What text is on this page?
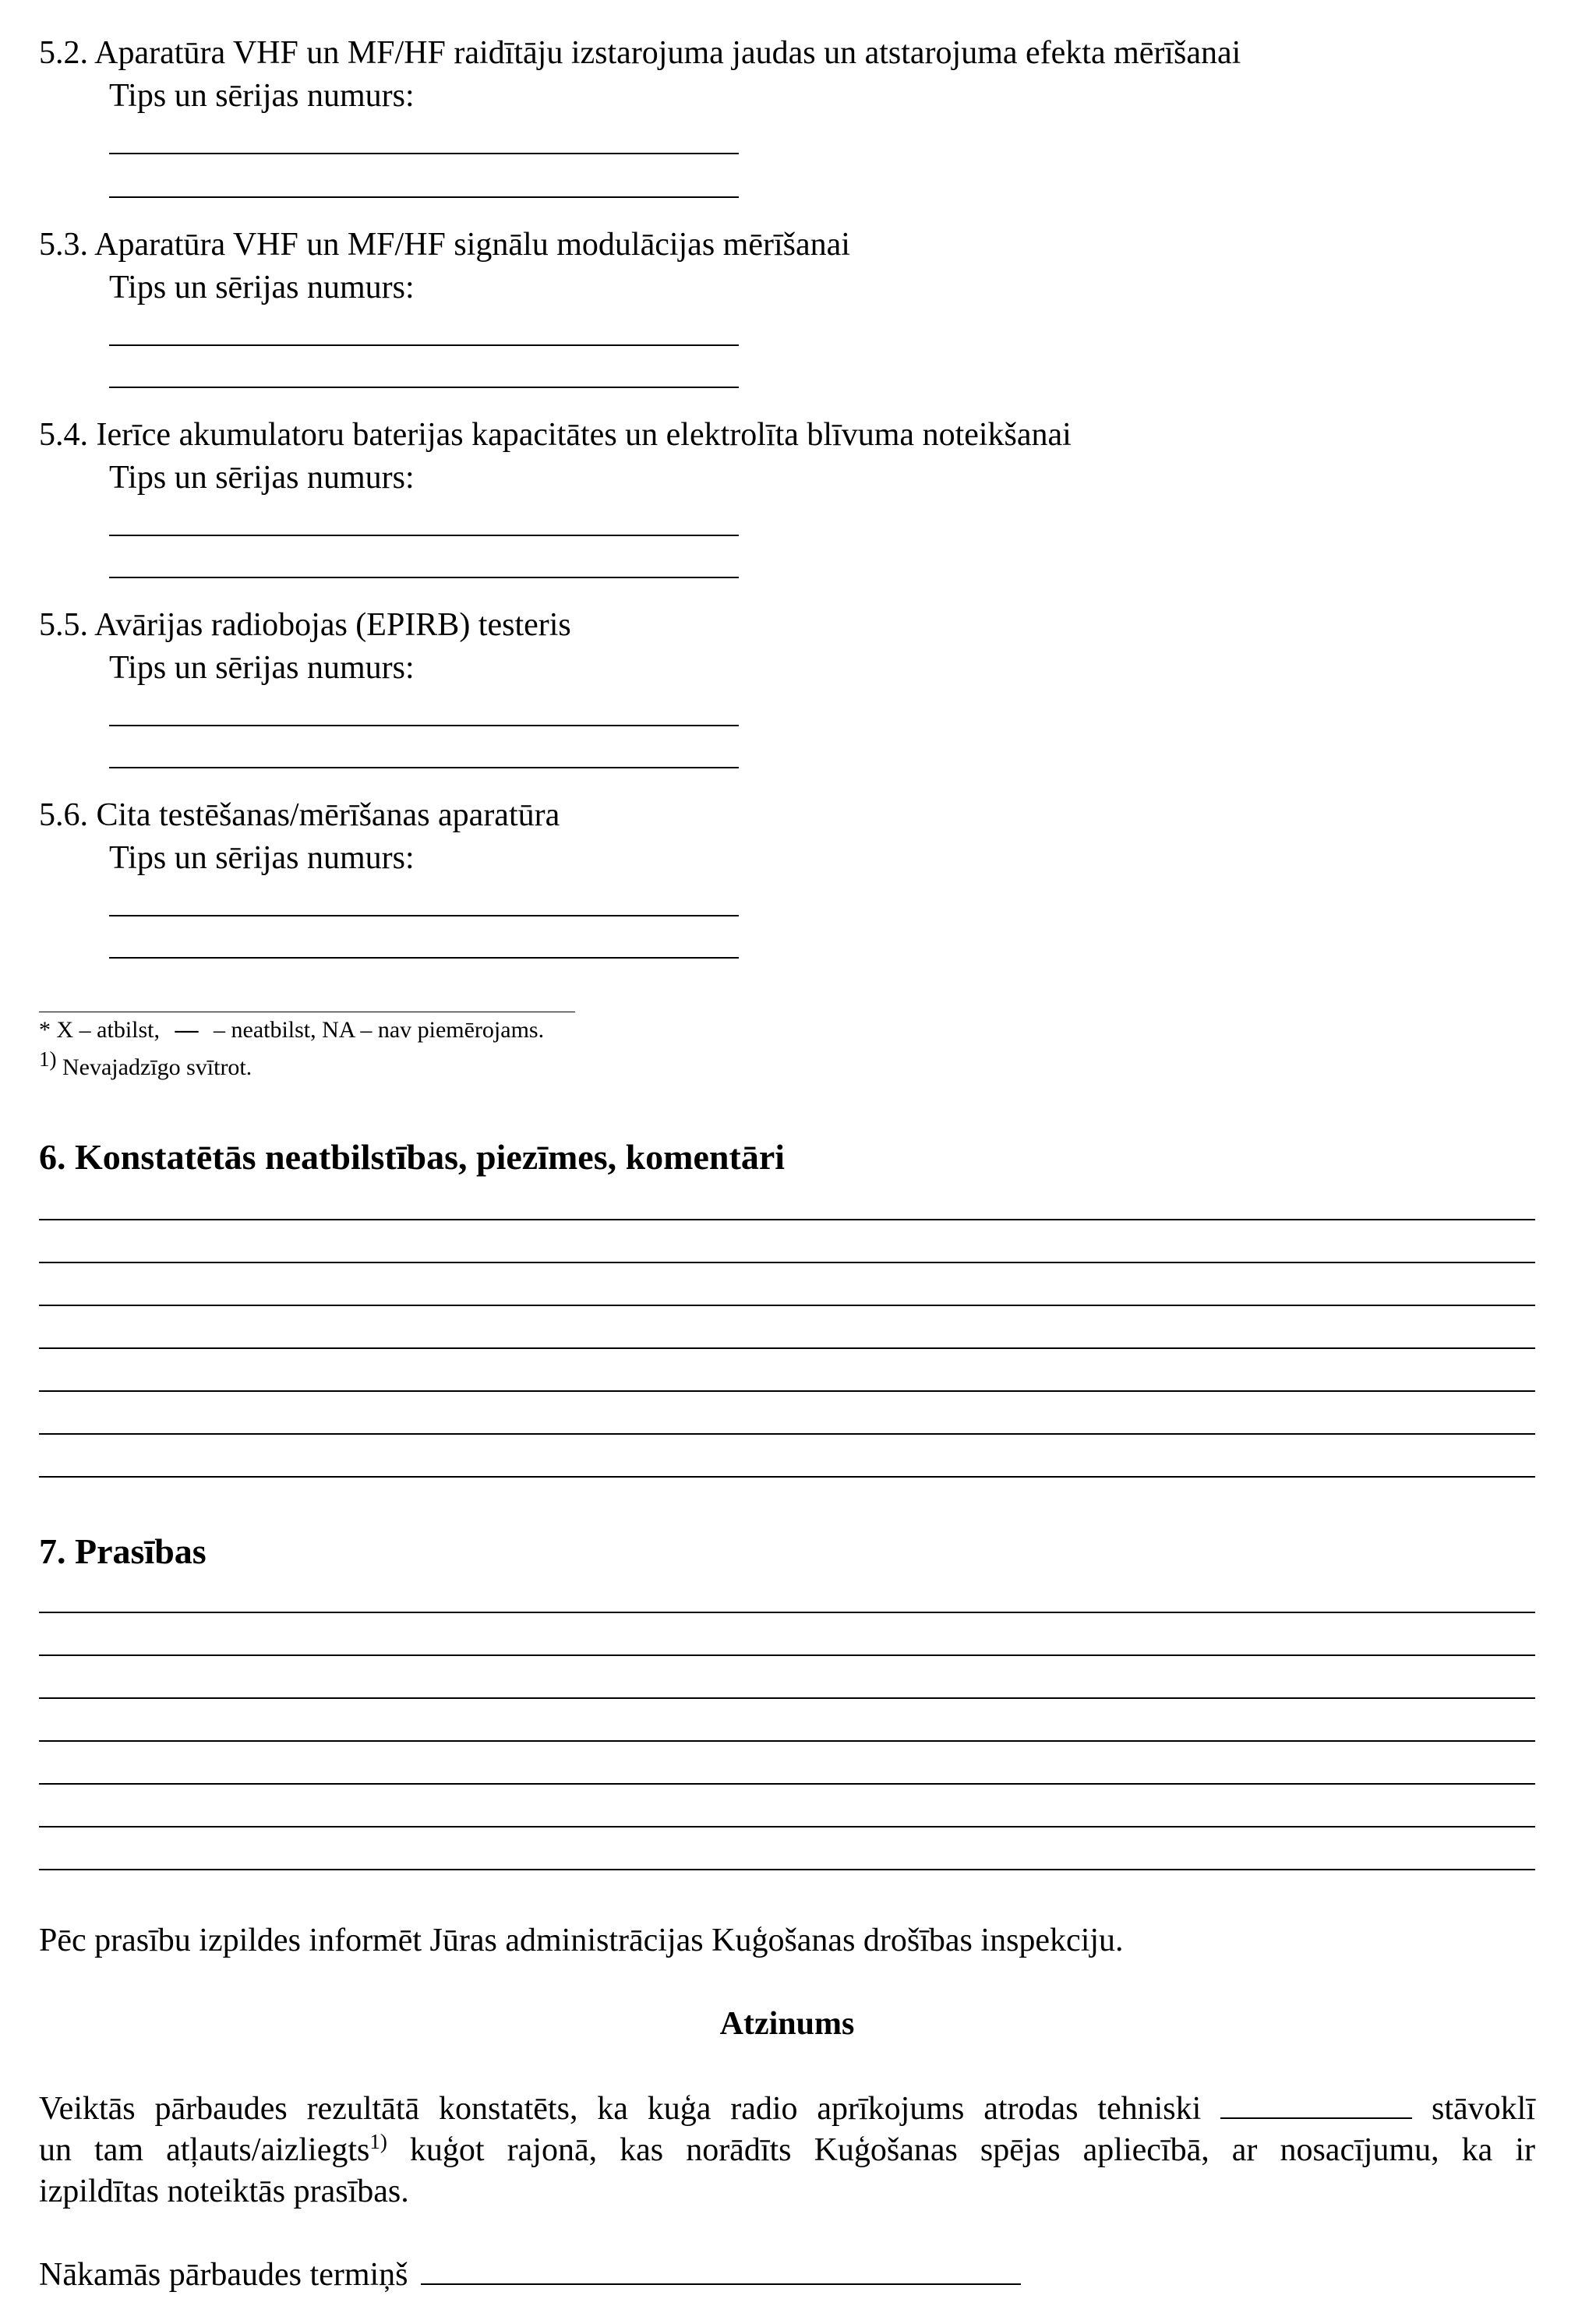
5.2. Aparatūra VHF un MF/HF raidītāju izstarojuma jaudas un atstarojuma efekta mērīšanai
Tips un sērijas numurs:
5.3. Aparatūra VHF un MF/HF signālu modulācijas mērīšanai
Tips un sērijas numurs:
5.4. Ierīce akumulatoru baterijas kapacitātes un elektrolīta blīvuma noteikšanai
Tips un sērijas numurs:
5.5. Avārijas radiobojas (EPIRB) testeris
Tips un sērijas numurs:
5.6. Cita testēšanas/mērīšanas aparatūra
Tips un sērijas numurs:
* X – atbilst, — – neatbilst, NA – nav piemērojams.
1) Nevajadzīgo svītrot.
6. Konstatētās neatbilstības, piezīmes, komentāri
7. Prasības
Pēc prasību izpildes informēt Jūras administrācijas Kuģošanas drošības inspekciju.
Atzinums
Veiktās pārbaudes rezultātā konstatēts, ka kuģa radio aprīkojums atrodas tehniski	stāvoklī
un tam atļauts/aizliegts$^{1)}$ kuģot rajonā, kas norādīts Kuģošanas spējas apliecībā, ar nosacījumu, ka ir
izpildītas noteiktās prasības.
Nākamās pārbaudes termiņš
